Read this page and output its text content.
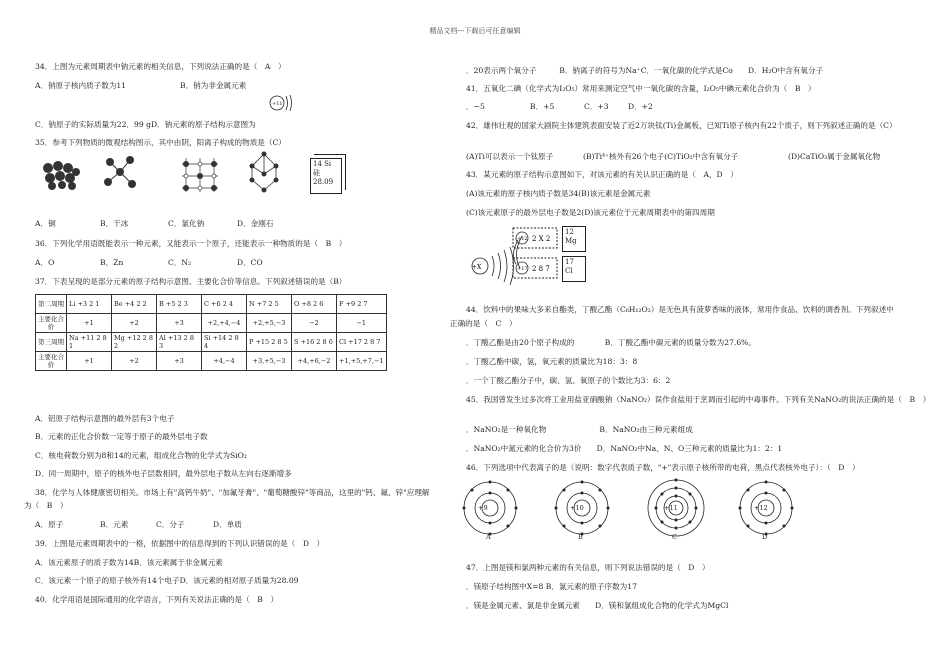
精品文档---下载后可任意编辑
34．上图为元素周期表中钠元素的相关信息，下列说法正确的是（　A　）
A．钠原子核内质子数为11	B．钠为非金属元素
+11
C．钠原子的实际质量为22．99 gD．钠元素的原子结构示意图为
35．参考下列物质的微观结构图示，其中由阴，阳离子构成的物质是（C）
14 Si
硅
28.09
A．铜	B．干冰	C．氯化钠	D．金刚石
36．下列化学用语既能表示一种元素，又能表示一个原子，还能表示一种物质的是（　B　）
A．O	B．Zn	C．N₂	D．CO
37．下表呈现的是部分元素的原子结构示意图、主要化合价等信息。下列叙述错误的是（B）
第二周期	Li +3 2 1	Be +4 2 2	B +5 2 3	C +6 2 4	N +7 2 5	O +8 2 6	F +9 2 7
主要化合价	+1	+2	+3	+2,+4,−4	+2,+5,−3	−2	−1
第三周期	Na +11 2 8 1	Mg +12 2 8 2	Al +13 2 8 3	Si +14 2 8 4	P +15 2 8 5	S +16 2 8 6	Cl +17 2 8 7
主要化合价	+1	+2	+3	+4,−4	+3,+5,−3	+4,+6,−2	+1,+5,+7,−1
A．铝原子结构示意图的最外层有3个电子
B．元素的正化合价数一定等于原子的最外层电子数
C．核电荷数分别为8和14的元素，组成化合物的化学式为SiO₂
D．同一周期中，原子的核外电子层数相同，最外层电子数从左向右逐渐增多
38．化学与人体健康密切相关。市场上有"高钙牛奶"、"加氟牙膏"、"葡萄糖酸锌"等商品，这里的"钙、氟、锌"应理解
为（　B　）
A．原子	B．元素	C．分子	D．单质
39．上图是元素周期表中的一格，依据图中的信息得到的下列认识错误的是（　D　）
A．该元素原子的质子数为14B．该元素属于非金属元素
C．该元素一个原子的原子核外有14个电子D．该元素的相对原子质量为28.09
40．化学用语是国际通用的化学语言，下列有关说法正确的是（　B　）
．20表示两个氧分子　　　B．钠离子的符号为Na⁺C．一氧化碳的化学式是Co　　D．H₂O中含有氧分子
41．五氧化二碘（化学式为I₂O₅）常用来测定空气中一氧化碳的含量，I₂O₅中碘元素化合价为（　B　）
．−5	B．+5	C．+3	D．+2
42．雄伟壮观的国家大剧院主体建筑表面安装了近2万块钛(Ti)金属板，已知Ti原子核内有22个质子，则下列叙述正确的是（C）
(A)Ti可以表示一个钛原子	(B)Ti⁴⁺核外有26个电子(C)TiO₂中含有氧分子	(D)CaTiO₃属于金属氧化物
43．某元素的原子结构示意图如下，对该元素的有关认识正确的是（　A，D　）
(A)该元素的原子核内质子数是34(B)该元素是金属元素
(C)该元素原子的最外层电子数是2(D)该元素位于元素周期表中的第四周期
+X
+12 2 X 2
12
Mg
+17 2 8 7
17
Cl
44．饮料中的果味大多来自酯类，丁酸乙酯（C₆H₁₂O₂）是无色具有菠萝香味的液体，常用作食品、饮料的调香剂。下列叙述中
正确的是（　C　）
．丁酸乙酯是由20个原子构成的　　　　B．丁酸乙酯中碳元素的质量分数为27.6%。
．丁酸乙酯中碳，氢，氧元素的质量比为18：3：8
．一个丁酸乙酯分子中，碳、氢、氧原子的个数比为3：6：2
45．我国曾发生过多次将工业用盐亚硝酸钠（NaNO₂）误作食盐用于烹调而引起的中毒事件。下列有关NaNO₂的说法正确的是（　B　）
．NaNO₂是一种氧化物　　　　　　　B．NaNO₂由三种元素组成
．NaNO₂中氮元素的化合价为3价　　D．NaNO₂中Na、N、O三种元素的质量比为1：2：1
46．下列选项中代表离子的是（说明：数字代表质子数，"+"表示原子核所带的电荷，黑点代表核外电子）：（　D　）
+9	+10	+11	+12
A	B	C	D
47．上图是镁和氯两种元素的有关信息，则下列说法错误的是（　D　）
．镁原子结构图中X=8 B．氯元素的原子序数为17
．镁是金属元素、氯是非金属元素　　D．镁和氯组成化合物的化学式为MgCl
